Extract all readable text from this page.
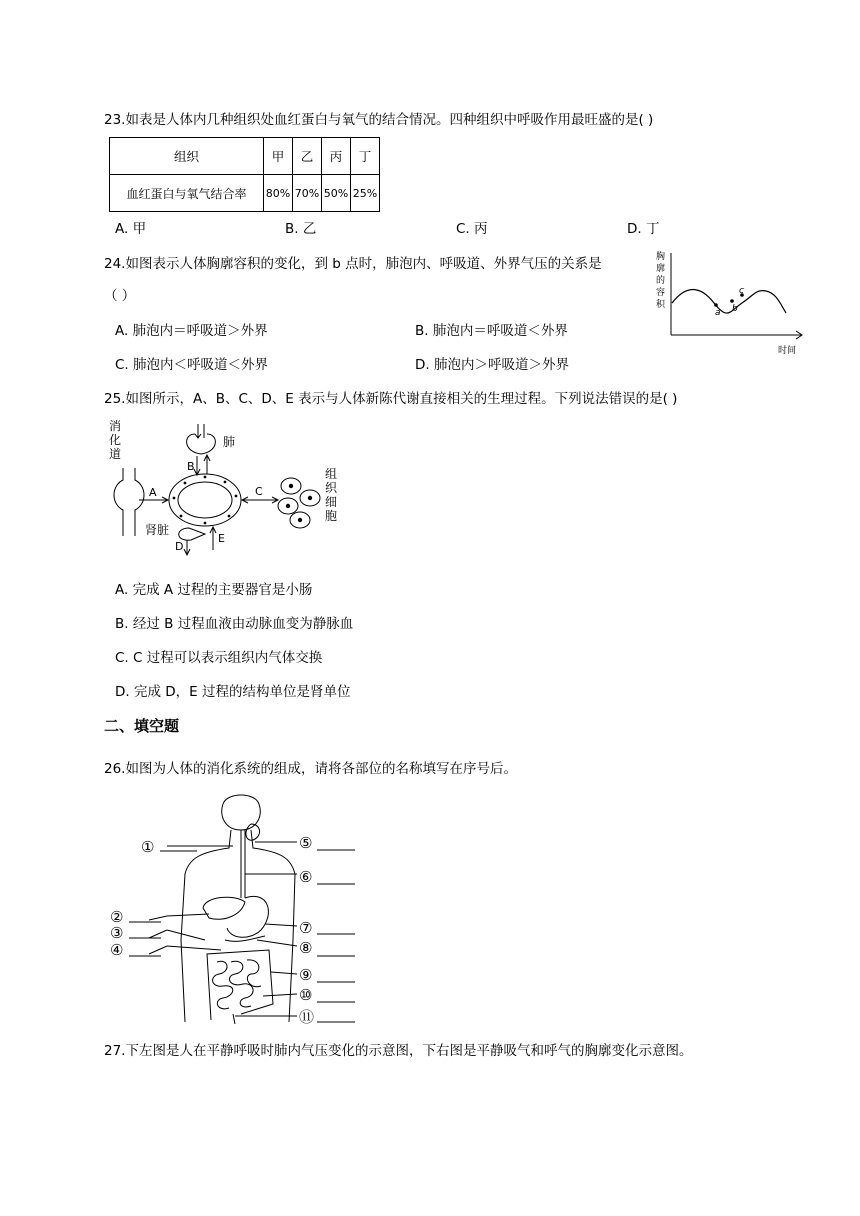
23.如表是人体内几种组织处血红蛋白与氧气的结合情况。四种组织中呼吸作用最旺盛的是( )
组织	甲	乙	丙	丁
血红蛋白与氧气结合率	80%	70%	50%	25%
A. 甲	B. 乙	C. 丙	D. 丁
24.如图表示人体胸廓容积的变化，到 b 点时，肺泡内、呼吸道、外界气压的关系是
（ ）
A. 肺泡内＝呼吸道＞外界	B. 肺泡内＝呼吸道＜外界
C. 肺泡内＜呼吸道＜外界	D. 肺泡内＞呼吸道＞外界
胸
廓
的
容
积
a b
c
时间
25.如图所示，A、B、C、D、E 表示与人体新陈代谢直接相关的生理过程。下列说法错误的是( )
消
化
道
肺
A
B
C
肾脏
D
E
组
织
细
胞
A. 完成 A 过程的主要器官是小肠
B. 经过 B 过程血液由动脉血变为静脉血
C. C 过程可以表示组织内气体交换
D. 完成 D，E 过程的结构单位是肾单位
二、填空题
26.如图为人体的消化系统的组成，请将各部位的名称填写在序号后。
①
②
③
④
⑤
⑥
⑦
⑧
⑨
⑩
⑪
27.下左图是人在平静呼吸时肺内气压变化的示意图，下右图是平静吸气和呼气的胸廓变化示意图。
